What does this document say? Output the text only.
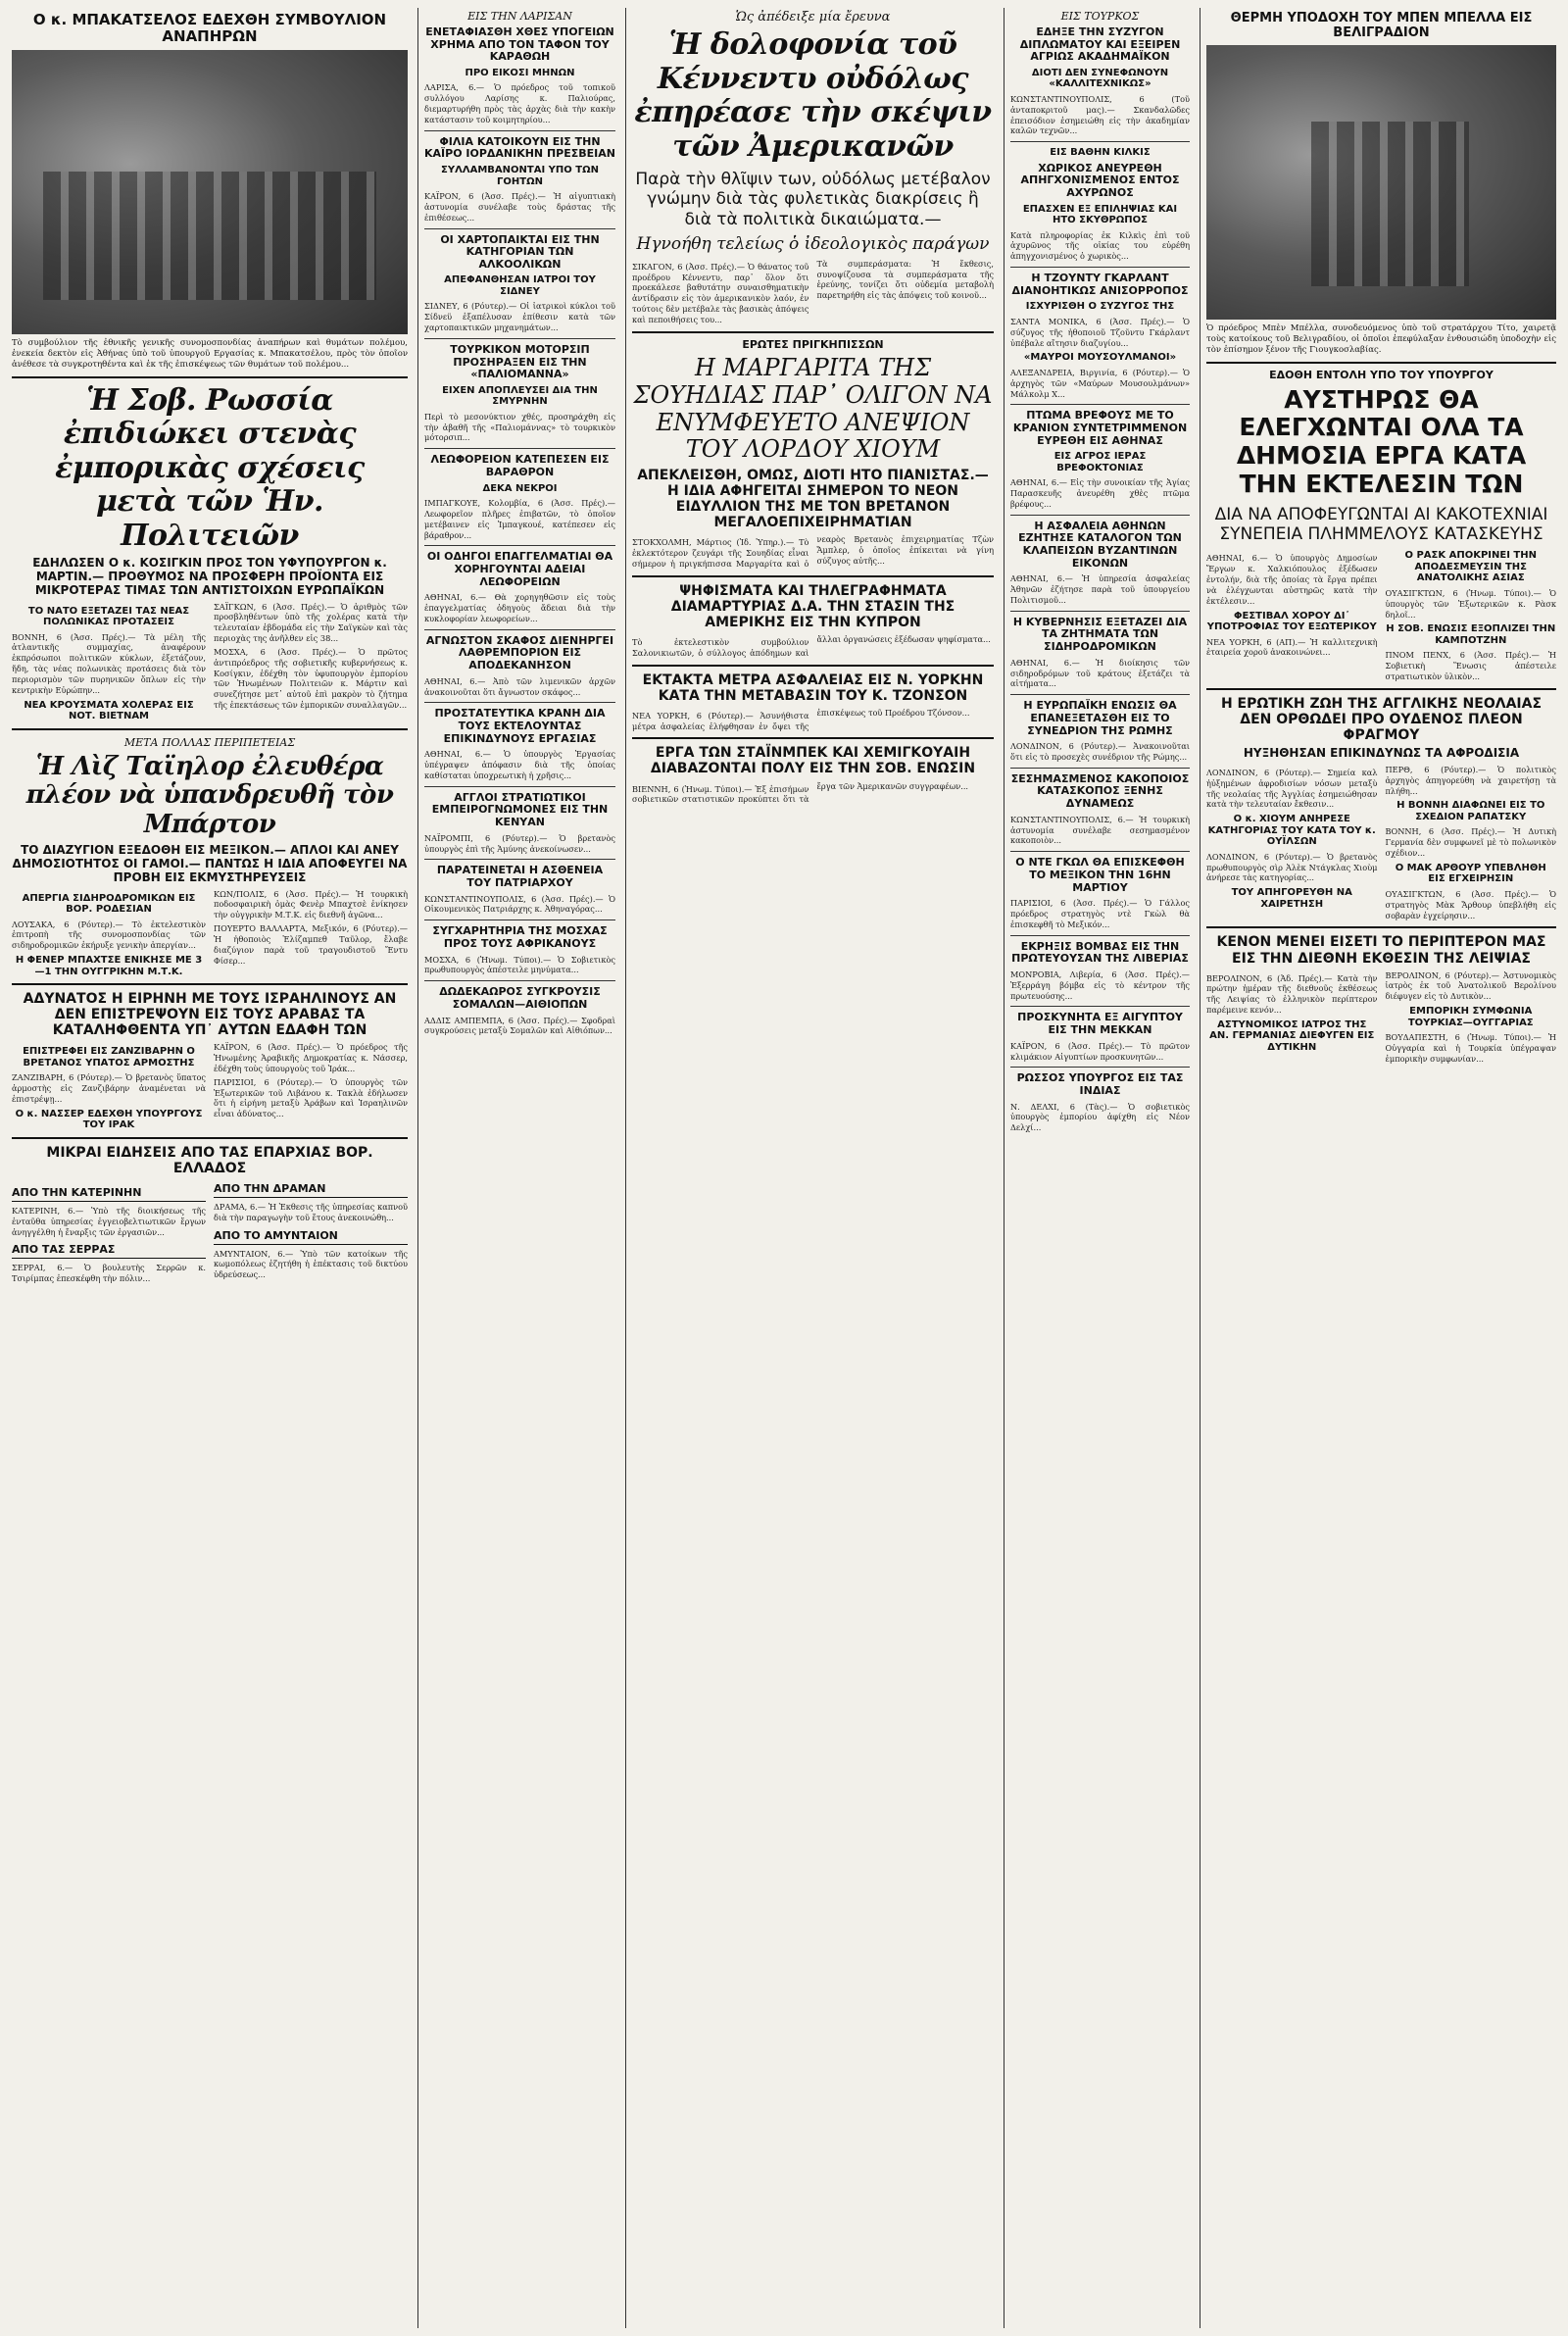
Ο κ. ΜΠΑΚΑΤΣΕΛΟΣ ΕΔΕΧΘΗ ΣΥΜΒΟΥΛΙΟΝ ΑΝΑΠΗΡΩΝ
Τὸ συμβούλιον τῆς ἐθνικῆς γενικῆς συνομοσπονδίας ἀναπήρων καὶ θυμάτων πολέμου, ἐνεκεία δεκτὸν εἰς Ἀθήνας ὑπὸ τοῦ ὑπουργοῦ Εργασίας κ. Μπακατσέλου, πρὸς τὸν ὁποῖον ἀνέθεσε τὰ συγκροτηθέντα καὶ ἐκ τῆς ἐπισκέψεως τῶν θυμάτων τοῦ πολέμου...
Ἡ Σοβ. Ρωσσία ἐπιδιώκει στενὰς ἐμπορικὰς σχέσεις μετὰ τῶν Ἡν. Πολιτειῶν
ΕΔΗΛΩΣΕΝ Ο κ. ΚΟΣΙΓΚΙΝ ΠΡΟΣ ΤΟΝ ΥΦΥΠΟΥΡΓΟΝ κ. ΜΑΡΤΙΝ.— ΠΡΟΘΥΜΟΣ ΝΑ ΠΡΟΣΦΕΡΗ ΠΡΟΪΟΝΤΑ ΕΙΣ ΜΙΚΡΟΤΕΡΑΣ ΤΙΜΑΣ ΤΩΝ ΑΝΤΙΣΤΟΙΧΩΝ ΕΥΡΩΠΑΪΚΩΝ
ΤΟ ΝΑΤΟ ΕΞΕΤΑΖΕΙ ΤΑΣ ΝΕΑΣ ΠΟΛΩΝΙΚΑΣ ΠΡΟΤΑΣΕΙΣ

ΒΟΝΝΗ, 6 (Ἀσσ. Πρές).— Τὰ μέλη τῆς ἀτλαντικῆς συμμαχίας, ἀναφέρουν ἐκπρόσωποι πολιτικῶν κύκλων, ἐξετάζουν, ἤδη, τὰς νέας πολωνικὰς προτάσεις διὰ τὸν περιορισμὸν τῶν πυρηνικῶν ὅπλων εἰς τὴν κεντρικὴν Εὐρώπην...

ΝΕΑ ΚΡΟΥΣΜΑΤΑ ΧΟΛΕΡΑΣ ΕΙΣ ΝΟΤ. ΒΙΕΤΝΑΜ

ΣΑΪΓΚΩΝ, 6 (Ἀσσ. Πρές).— Ὁ ἀριθμὸς τῶν προσβληθέντων ὑπὸ τῆς χολέρας κατὰ τὴν τελευταίαν ἑβδομάδα εἰς τὴν Σαϊγκὼν καὶ τὰς περιοχὰς της ἀνῆλθεν εἰς 38...

ΜΟΣΧΑ, 6 (Ἀσσ. Πρές).— Ὁ πρῶτος ἀντιπρόεδρος τῆς σοβιετικῆς κυβερνήσεως κ. Κοσίγκιν, ἐδέχθη τὸν ὑφυπουργὸν ἐμπορίου τῶν Ἡνωμένων Πολιτειῶν κ. Μάρτιν καὶ συνεζήτησε μετ᾿ αὐτοῦ ἐπὶ μακρὸν τὸ ζήτημα τῆς ἐπεκτάσεως τῶν ἐμπορικῶν συναλλαγῶν...

ΜΕΤΑ ΠΟΛΛΑΣ ΠΕΡΙΠΕΤΕΙΑΣ
Ἡ Λὶζ Ταϊηλορ ἐλευθέρα πλέον νὰ ὑπανδρευθῆ τὸν Μπάρτον
ΤΟ ΔΙΑΖΥΓΙΟΝ ΕΞΕΔΟΘΗ ΕΙΣ ΜΕΞΙΚΟΝ.— ΑΠΛΟΙ ΚΑΙ ΑΝΕΥ ΔΗΜΟΣΙΟΤΗΤΟΣ ΟΙ ΓΑΜΟΙ.— ΠΑΝΤΩΣ Η ΙΔΙΑ ΑΠΟΦΕΥΓΕΙ ΝΑ ΠΡΟΒΗ ΕΙΣ ΕΚΜΥΣΤΗΡΕΥΣΕΙΣ
ΑΠΕΡΓΙΑ ΣΙΔΗΡΟΔΡΟΜΙΚΩΝ ΕΙΣ ΒΟΡ. ΡΟΔΕΣΙΑΝ

ΛΟΥΣΑΚΑ, 6 (Ρόυτερ).— Τὸ ἐκτελεστικὸν ἐπιτροπὴ τῆς συνομοσπονδίας τῶν σιδηροδρομικῶν ἐκήρυξε γενικὴν ἀπεργίαν...

Η ΦΕΝΕΡ ΜΠΑΧΤΣΕ ΕΝΙΚΗΣΕ ΜΕ 3—1 ΤΗΝ ΟΥΓΓΡΙΚΗΝ Μ.Τ.Κ.

ΚΩΝ/ΠΟΛΙΣ, 6 (Ἀσσ. Πρές).— Ἡ τουρκικὴ ποδοσφαιρικὴ ὁμὰς Φενὲρ Μπαχτσὲ ἐνίκησεν τὴν οὐγγρικὴν Μ.Τ.Κ. εἰς διεθνῆ ἀγῶνα...

ΠΟΥΕΡΤΟ ΒΑΛΛΑΡΤΑ, Μεξικόν, 6 (Ρόυτερ).— Ἡ ἠθοποιὸς Ἐλίζαμπεθ Ταῦλορ, ἔλαβε διαζύγιον παρὰ τοῦ τραγουδιστοῦ Ἔντυ Φίσερ...

ΑΔΥΝΑΤΟΣ Η ΕΙΡΗΝΗ ΜΕ ΤΟΥΣ ΙΣΡΑΗΛΙΝΟΥΣ ΑΝ ΔΕΝ ΕΠΙΣΤΡΕΨΟΥΝ ΕΙΣ ΤΟΥΣ ΑΡΑΒΑΣ ΤΑ ΚΑΤΑΛΗΦΘΕΝΤΑ ΥΠ᾿ ΑΥΤΩΝ ΕΔΑΦΗ ΤΩΝ
ΕΠΙΣΤΡΕΦΕΙ ΕΙΣ ΖΑΝΖΙΒΑΡΗΝ Ο ΒΡΕΤΑΝΟΣ ΥΠΑΤΟΣ ΑΡΜΟΣΤΗΣ

ΖΑΝΖΙΒΑΡΗ, 6 (Ρόυτερ).— Ὁ βρετανὸς ὕπατος ἀρμοστὴς εἰς Ζανζιβάρην ἀναμένεται νὰ ἐπιστρέψῃ...

Ο κ. ΝΑΣΣΕΡ ΕΔΕΧΘΗ ΥΠΟΥΡΓΟΥΣ ΤΟΥ ΙΡΑΚ

ΚΑΪΡΟΝ, 6 (Ἀσσ. Πρές).— Ὁ πρόεδρος τῆς Ἠνωμένης Ἀραβικῆς Δημοκρατίας κ. Νάσσερ, ἐδέχθη τοὺς ὑπουργοὺς τοῦ Ἰράκ...

ΠΑΡΙΣΙΟΙ, 6 (Ρόυτερ).— Ὁ ὑπουργὸς τῶν Ἐξωτερικῶν τοῦ Λιβάνου κ. Τακλὰ ἐδήλωσεν ὅτι ἡ εἰρήνη μεταξὺ Ἀράβων καὶ Ἰσραηλινῶν εἶναι ἀδύνατος...

ΜΙΚΡΑΙ ΕΙΔΗΣΕΙΣ ΑΠΟ ΤΑΣ ΕΠΑΡΧΙΑΣ ΒΟΡ. ΕΛΛΑΔΟΣ
ΑΠΟ ΤΗΝ ΚΑΤΕΡΙΝΗΝ

ΚΑΤΕΡΙΝΗ, 6.— Ὑπὸ τῆς διοικήσεως τῆς ἐνταῦθα ὑπηρεσίας ἐγγειοβελτιωτικῶν ἔργων ἀνηγγέλθη ἡ ἔναρξις τῶν ἐργασιῶν...

ΑΠΟ ΤΑΣ ΣΕΡΡΑΣ

ΣΕΡΡΑΙ, 6.— Ὁ βουλευτὴς Σερρῶν κ. Τσιρίμπας ἐπεσκέφθη τὴν πόλιν...

ΑΠΟ ΤΗΝ ΔΡΑΜΑΝ

ΔΡΑΜΑ, 6.— Ἡ Ἐκθεσις τῆς ὑπηρεσίας καπνοῦ διὰ τὴν παραγωγὴν τοῦ ἔτους ἀνεκοινώθη...

ΑΠΟ ΤΟ ΑΜΥΝΤΑΙΟΝ

ΑΜΥΝΤΑΙΟΝ, 6.— Ὑπὸ τῶν κατοίκων τῆς κωμοπόλεως ἐζητήθη ἡ ἐπέκτασις τοῦ δικτύου ὑδρεύσεως...

ΕΙΣ ΤΗΝ ΛΑΡΙΣΑΝ
ΕΝΕΤΑΦΙΑΣΘΗ ΧΘΕΣ ΥΠΟΓΕΙΩΝ ΧΡΗΜΑ ΑΠΟ ΤΟΝ ΤΑΦΟΝ ΤΟΥ ΚΑΡΑΘΩΗ
ΠΡΟ ΕΙΚΟΣΙ ΜΗΝΩΝ

ΛΑΡΙΣΑ, 6.— Ὁ πρόεδρος τοῦ τοπικοῦ συλλόγου Λαρίσης κ. Παλιούρας, διεμαρτυρήθη πρὸς τὰς ἀρχὰς διὰ τὴν κακὴν κατάστασιν τοῦ κοιμητηρίου...

ΦΙΛΙΑ ΚΑΤΟΙΚΟΥΝ ΕΙΣ ΤΗΝ ΚΑΪΡΟ ΙΟΡΔΑΝΙΚΗΝ ΠΡΕΣΒΕΙΑΝ
ΣΥΛΛΑΜΒΑΝΟΝΤΑΙ ΥΠΟ ΤΩΝ ΓΟΗΤΩΝ

ΚΑΪΡΟΝ, 6 (Ἀσσ. Πρές).— Ἡ αἰγυπτιακὴ ἀστυνομία συνέλαβε τοὺς δράστας τῆς ἐπιθέσεως...

ΟΙ ΧΑΡΤΟΠΑΙΚΤΑΙ ΕΙΣ ΤΗΝ ΚΑΤΗΓΟΡΙΑΝ ΤΩΝ ΑΛΚΟΟΛΙΚΩΝ
ΑΠΕΦΑΝΘΗΣΑΝ ΙΑΤΡΟΙ ΤΟΥ ΣΙΔΝΕΥ

ΣΙΔΝΕΥ, 6 (Ρόυτερ).— Οἱ ἰατρικοὶ κύκλοι τοῦ Σίδνεϋ ἐξαπέλυσαν ἐπίθεσιν κατὰ τῶν χαρτοπαικτικῶν μηχανημάτων...

ΤΟΥΡΚΙΚΟΝ ΜΟΤΟΡΣΙΠ ΠΡΟΣΗΡΑΞΕΝ ΕΙΣ ΤΗΝ «ΠΑΛΙΟΜΑΝΝΑ»
ΕΙΧΕΝ ΑΠΟΠΛΕΥΣΕΙ ΔΙΑ ΤΗΝ ΣΜΥΡΝΗΝ

Περὶ τὸ μεσονύκτιον χθές, προσηράχθη εἰς τὴν ἀβαθῆ τῆς «Παλιομάννας» τὸ τουρκικὸν μότορσιπ...

ΛΕΩΦΟΡΕΙΟΝ ΚΑΤΕΠΕΣΕΝ ΕΙΣ ΒΑΡΑΘΡΟΝ
ΔΕΚΑ ΝΕΚΡΟΙ

ΙΜΠΑΓΚΟΥΕ, Κολομβία, 6 (Ἀσσ. Πρές).— Λεωφορεῖον πλῆρες ἐπιβατῶν, τὸ ὁποῖον μετέβαινεν εἰς Ἰμπαγκουέ, κατέπεσεν εἰς βάραθρον...

ΟΙ ΟΔΗΓΟΙ ΕΠΑΓΓΕΛΜΑΤΙΑΙ ΘΑ ΧΟΡΗΓΟΥΝΤΑΙ ΑΔΕΙΑΙ ΛΕΩΦΟΡΕΙΩΝ

ΑΘΗΝΑΙ, 6.— Θὰ χορηγηθῶσιν εἰς τοὺς ἐπαγγελματίας ὁδηγοὺς ἄδειαι διὰ τὴν κυκλοφορίαν λεωφορείων...

ΑΓΝΩΣΤΟΝ ΣΚΑΦΟΣ ΔΙΕΝΗΡΓΕΙ ΛΑΘΡΕΜΠΟΡΙΟΝ ΕΙΣ ΑΠΟΔΕΚΑΝΗΣΟΝ

ΑΘΗΝΑΙ, 6.— Ἀπὸ τῶν λιμενικῶν ἀρχῶν ἀνακοινοῦται ὅτι ἄγνωστον σκάφος...

ΠΡΟΣΤΑΤΕΥΤΙΚΑ ΚΡΑΝΗ ΔΙΑ ΤΟΥΣ ΕΚΤΕΛΟΥΝΤΑΣ ΕΠΙΚΙΝΔΥΝΟΥΣ ΕΡΓΑΣΙΑΣ

ΑΘΗΝΑΙ, 6.— Ὁ ὑπουργὸς Ἐργασίας ὑπέγραψεν ἀπόφασιν διὰ τῆς ὁποίας καθίσταται ὑποχρεωτικὴ ἡ χρῆσις...

ΑΓΓΛΟΙ ΣΤΡΑΤΙΩΤΙΚΟΙ ΕΜΠΕΙΡΟΓΝΩΜΟΝΕΣ ΕΙΣ ΤΗΝ ΚΕΝΥΑΝ

ΝΑΪΡΟΜΠΙ, 6 (Ρόυτερ).— Ὁ βρετανὸς ὑπουργὸς ἐπὶ τῆς Ἀμύνης ἀνεκοίνωσεν...

ΠΑΡΑΤΕΙΝΕΤΑΙ Η ΑΣΘΕΝΕΙΑ ΤΟΥ ΠΑΤΡΙΑΡΧΟΥ

ΚΩΝΣΤΑΝΤΙΝΟΥΠΟΛΙΣ, 6 (Ἀσσ. Πρές).— Ὁ Οἰκουμενικὸς Πατριάρχης κ. Ἀθηναγόρας...

ΣΥΓΧΑΡΗΤΗΡΙΑ ΤΗΣ ΜΟΣΧΑΣ ΠΡΟΣ ΤΟΥΣ ΑΦΡΙΚΑΝΟΥΣ

ΜΟΣΧΑ, 6 (Ἠνωμ. Τύποι).— Ὁ Σοβιετικὸς πρωθυπουργὸς ἀπέστειλε μηνύματα...

ΔΩΔΕΚΑΩΡΟΣ ΣΥΓΚΡΟΥΣΙΣ ΣΟΜΑΛΩΝ—ΑΙΘΙΟΠΩΝ

ΑΔΔΙΣ ΑΜΠΕΜΠΑ, 6 (Ἀσσ. Πρές).— Σφοδραὶ συγκρούσεις μεταξὺ Σομαλῶν καὶ Αἰθιόπων...

Ὡς ἀπέδειξε μία ἔρευνα
Ἡ δολοφονία τοῦ Κέννεντυ οὐδόλως ἐπηρέασε τὴν σκέψιν τῶν Ἀμερικανῶν
Παρὰ τὴν θλῖψιν των, οὐδόλως μετέβαλον γνώμην διὰ τὰς φυλετικὰς διακρίσεις ἢ διὰ τὰ πολιτικὰ δικαιώματα.—
Ηγνοήθη τελείως ὁ ἰδεολογικὸς παράγων

ΣΙΚΑΓΟΝ, 6 (Ἀσσ. Πρές).— Ὁ θάνατος τοῦ προέδρου Κέννεντυ, παρ᾿ ὅλον ὅτι προεκάλεσε βαθυτάτην συναισθηματικὴν ἀντίδρασιν εἰς τὸν ἀμερικανικὸν λαόν, ἐν τούτοις δὲν μετέβαλε τὰς βασικὰς ἀπόψεις καὶ πεποιθήσεις του...

Τὰ συμπεράσματα: Ἡ ἔκθεσις, συνοψίζουσα τὰ συμπεράσματα τῆς ἐρεύνης, τονίζει ὅτι οὐδεμία μεταβολὴ παρετηρήθη εἰς τὰς ἀπόψεις τοῦ κοινοῦ...

ΕΡΩΤΕΣ ΠΡΙΓΚΗΠΙΣΣΩΝ
Η ΜΑΡΓΑΡΙΤΑ ΤΗΣ ΣΟΥΗΔΙΑΣ ΠΑΡ᾿ ΟΛΙΓΟΝ ΝΑ ΕΝΥΜΦΕΥΕΤΟ ΑΝΕΨΙΟΝ ΤΟΥ ΛΟΡΔΟΥ ΧΙΟΥΜ
ΑΠΕΚΛΕΙΣΘΗ, ΟΜΩΣ, ΔΙΟΤΙ ΗΤΟ ΠΙΑΝΙΣΤΑΣ.— Η ΙΔΙΑ ΑΦΗΓΕΙΤΑΙ ΣΗΜΕΡΟΝ ΤΟ ΝΕΟΝ ΕΙΔΥΛΛΙΟΝ ΤΗΣ ΜΕ ΤΟΝ ΒΡΕΤΑΝΟΝ ΜΕΓΑΛΟΕΠΙΧΕΙΡΗΜΑΤΙΑΝ

ΣΤΟΚΧΟΛΜΗ, Μάρτιος (Ἰδ. Ὑπηρ.).— Τὸ ἐκλεκτότερον ζευγάρι τῆς Σουηδίας εἶναι σήμερον ἡ πριγκήπισσα Μαργαρίτα καὶ ὁ νεαρὸς Βρετανὸς ἐπιχειρηματίας Τζὼν Ἄμπλερ, ὁ ὁποῖος ἐπίκειται νὰ γίνη σύζυγος αὐτῆς...

ΨΗΦΙΣΜΑΤΑ ΚΑΙ ΤΗΛΕΓΡΑΦΗΜΑΤΑ ΔΙΑΜΑΡΤΥΡΙΑΣ Δ.Α. ΤΗΝ ΣΤΑΣΙΝ ΤΗΣ ΑΜΕΡΙΚΗΣ ΕΙΣ ΤΗΝ ΚΥΠΡΟΝ

Τὸ ἐκτελεστικὸν συμβούλιον Σαλονικιωτῶν, ὁ σύλλογος ἀπόδημων καὶ ἄλλαι ὀργανώσεις ἐξέδωσαν ψηφίσματα...

ΕΚΤΑΚΤΑ ΜΕΤΡΑ ΑΣΦΑΛΕΙΑΣ ΕΙΣ Ν. ΥΟΡΚΗΝ ΚΑΤΑ ΤΗΝ ΜΕΤΑΒΑΣΙΝ ΤΟΥ Κ. ΤΖΟΝΣΟΝ

ΝΕΑ ΥΟΡΚΗ, 6 (Ρόυτερ).— Ἀσυνήθιστα μέτρα ἀσφαλείας ἐλήφθησαν ἐν ὄψει τῆς ἐπισκέψεως τοῦ Προέδρου Τζόνσον...

ΕΡΓΑ ΤΩΝ ΣΤΑΪΝΜΠΕΚ ΚΑΙ ΧΕΜΙΓΚΟΥΑΙΗ ΔΙΑΒΑΖΟΝΤΑΙ ΠΟΛΥ ΕΙΣ ΤΗΝ ΣΟΒ. ΕΝΩΣΙΝ

ΒΙΕΝΝΗ, 6 (Ἠνωμ. Τύποι).— Ἐξ ἐπισήμων σοβιετικῶν στατιστικῶν προκύπτει ὅτι τὰ ἔργα τῶν Ἀμερικανῶν συγγραφέων...

ΕΙΣ ΤΟΥΡΚΟΣ
ΕΔΗΞΕ ΤΗΝ ΣΥΖΥΓΟΝ ΔΙΠΛΩΜΑΤΟΥ ΚΑΙ ΕΞΕΙΡΕΝ ΑΓΡΙΩΣ ΑΚΑΔΗΜΑΪΚΟΝ
ΔΙΟΤΙ ΔΕΝ ΣΥΝΕΦΩΝΟΥΝ «ΚΑΛΛΙΤΕΧΝΙΚΩΣ»

ΚΩΝΣΤΑΝΤΙΝΟΥΠΟΛΙΣ, 6 (Τοῦ ἀνταποκριτοῦ μας).— Σκανδαλῶδες ἐπεισόδιον ἐσημειώθη εἰς τὴν ἀκαδημίαν καλῶν τεχνῶν...

ΕΙΣ ΒΑΘΗΝ ΚΙΛΚΙΣ
ΧΩΡΙΚΟΣ ΑΝΕΥΡΕΘΗ ΑΠΗΓΧΟΝΙΣΜΕΝΟΣ ΕΝΤΟΣ ΑΧΥΡΩΝΟΣ
ΕΠΑΣΧΕΝ ΕΞ ΕΠΙΛΗΨΙΑΣ ΚΑΙ ΗΤΟ ΣΚΥΘΡΩΠΟΣ

Κατὰ πληροφορίας ἐκ Κιλκὶς ἐπὶ τοῦ ἀχυρῶνος τῆς οἰκίας του εὑρέθη ἀπηγχονισμένος ὁ χωρικὸς...

Η ΤΖΟΥΝΤΥ ΓΚΑΡΛΑΝΤ ΔΙΑΝΟΗΤΙΚΩΣ ΑΝΙΣΟΡΡΟΠΟΣ
ΙΣΧΥΡΙΣΘΗ Ο ΣΥΖΥΓΟΣ ΤΗΣ

ΣΑΝΤΑ ΜΟΝΙΚΑ, 6 (Ἀσσ. Πρές).— Ὁ σύζυγος τῆς ἠθοποιοῦ Τζοῦντυ Γκάρλαντ ὑπέβαλε αἴτησιν διαζυγίου...

«ΜΑΥΡΟΙ ΜΟΥΣΟΥΛΜΑΝΟΙ»

ΑΛΕΞΑΝΔΡΕΙΑ, Βιργινία, 6 (Ρόυτερ).— Ὁ ἀρχηγὸς τῶν «Μαύρων Μουσουλμάνων» Μάλκολμ Χ...

ΠΤΩΜΑ ΒΡΕΦΟΥΣ ΜΕ ΤΟ ΚΡΑΝΙΟΝ ΣΥΝΤΕΤΡΙΜΜΕΝΟΝ ΕΥΡΕΘΗ ΕΙΣ ΑΘΗΝΑΣ
ΕΙΣ ΑΓΡΟΣ ΙΕΡΑΣ ΒΡΕΦΟΚΤΟΝΙΑΣ

ΑΘΗΝΑΙ, 6.— Εἰς τὴν συνοικίαν τῆς Ἀγίας Παρασκευῆς ἀνευρέθη χθὲς πτῶμα βρέφους...

Η ΑΣΦΑΛΕΙΑ ΑΘΗΝΩΝ ΕΖΗΤΗΣΕ ΚΑΤΑΛΟΓΟΝ ΤΩΝ ΚΛΑΠΕΙΣΩΝ ΒΥΖΑΝΤΙΝΩΝ ΕΙΚΟΝΩΝ

ΑΘΗΝΑΙ, 6.— Ἡ ὑπηρεσία ἀσφαλείας Ἀθηνῶν ἐζήτησε παρὰ τοῦ ὑπουργείου Πολιτισμοῦ...

Η ΚΥΒΕΡΝΗΣΙΣ ΕΞΕΤΑΖΕΙ ΔΙΑ ΤΑ ΖΗΤΗΜΑΤΑ ΤΩΝ ΣΙΔΗΡΟΔΡΟΜΙΚΩΝ

ΑΘΗΝΑΙ, 6.— Ἡ διοίκησις τῶν σιδηροδρόμων τοῦ κράτους ἐξετάζει τὰ αἰτήματα...

Η ΕΥΡΩΠΑΪΚΗ ΕΝΩΣΙΣ ΘΑ ΕΠΑΝΕΞΕΤΑΣΘΗ ΕΙΣ ΤΟ ΣΥΝΕΔΡΙΟΝ ΤΗΣ ΡΩΜΗΣ

ΛΟΝΔΙΝΟΝ, 6 (Ρόυτερ).— Ἀνακοινοῦται ὅτι εἰς τὸ προσεχὲς συνέδριον τῆς Ρώμης...

ΣΕΣΗΜΑΣΜΕΝΟΣ ΚΑΚΟΠΟΙΟΣ ΚΑΤΑΣΚΟΠΟΣ ΞΕΝΗΣ ΔΥΝΑΜΕΩΣ

ΚΩΝΣΤΑΝΤΙΝΟΥΠΟΛΙΣ, 6.— Ἡ τουρκικὴ ἀστυνομία συνέλαβε σεσημασμένον κακοποιὸν...

Ο ΝΤΕ ΓΚΩΛ ΘΑ ΕΠΙΣΚΕΦΘΗ ΤΟ ΜΕΞΙΚΟΝ ΤΗΝ 16ΗΝ ΜΑΡΤΙΟΥ

ΠΑΡΙΣΙΟΙ, 6 (Ἀσσ. Πρές).— Ὁ Γάλλος πρόεδρος στρατηγὸς ντὲ Γκὼλ θὰ ἐπισκεφθῆ τὸ Μεξικόν...

ΕΚΡΗΞΙΣ ΒΟΜΒΑΣ ΕΙΣ ΤΗΝ ΠΡΩΤΕΥΟΥΣΑΝ ΤΗΣ ΛΙΒΕΡΙΑΣ

ΜΟΝΡΟΒΙΑ, Λιβερία, 6 (Ἀσσ. Πρές).— Ἐξερράγη βόμβα εἰς τὸ κέντρον τῆς πρωτευούσης...

ΠΡΟΣΚΥΝΗΤΑ ΕΞ ΑΙΓΥΠΤΟΥ ΕΙΣ ΤΗΝ ΜΕΚΚΑΝ

ΚΑΪΡΟΝ, 6 (Ἀσσ. Πρές).— Τὸ πρῶτον κλιμάκιον Αἰγυπτίων προσκυνητῶν...

ΡΩΣΣΟΣ ΥΠΟΥΡΓΟΣ ΕΙΣ ΤΑΣ ΙΝΔΙΑΣ

Ν. ΔΕΛΧΙ, 6 (Τὰς).— Ὁ σοβιετικὸς ὑπουργὸς ἐμπορίου ἀφίχθη εἰς Νέον Δελχί...

ΘΕΡΜΗ ΥΠΟΔΟΧΗ ΤΟΥ ΜΠΕΝ ΜΠΕΛΛΑ ΕΙΣ ΒΕΛΙΓΡΑΔΙΟΝ
Ὁ πρόεδρος Μπὲν Μπέλλα, συνοδευόμενος ὑπὸ τοῦ στρατάρχου Τίτο, χαιρετᾷ τοὺς κατοίκους τοῦ Βελιγραδίου, οἱ ὁποῖοι ἐπεφύλαξαν ἐνθουσιώδη ὑποδοχὴν εἰς τὸν ἐπίσημον ξένον τῆς Γιουγκοσλαβίας.
ΕΔΟΘΗ ΕΝΤΟΛΗ ΥΠΟ ΤΟΥ ΥΠΟΥΡΓΟΥ
ΑΥΣΤΗΡΩΣ ΘΑ ΕΛΕΓΧΩΝΤΑΙ ΟΛΑ ΤΑ ΔΗΜΟΣΙΑ ΕΡΓΑ ΚΑΤΑ ΤΗΝ ΕΚΤΕΛΕΣΙΝ ΤΩΝ
ΔΙΑ ΝΑ ΑΠΟΦΕΥΓΩΝΤΑΙ ΑΙ ΚΑΚΟΤΕΧΝΙΑΙ ΣΥΝΕΠΕΙΑ ΠΛΗΜΜΕΛΟΥΣ ΚΑΤΑΣΚΕΥΗΣ

ΑΘΗΝΑΙ, 6.— Ὁ ὑπουργὸς Δημοσίων Ἔργων κ. Χαλκιόπουλος ἐξέδωσεν ἐντολήν, διὰ τῆς ὁποίας τὰ ἔργα πρέπει νὰ ἐλέγχωνται αὐστηρῶς κατὰ τὴν ἐκτέλεσιν...

ΦΕΣΤΙΒΑΛ ΧΟΡΟΥ ΔΙ᾿ ΥΠΟΤΡΟΦΙΑΣ ΤΟΥ ΕΞΩΤΕΡΙΚΟΥ

ΝΕΑ ΥΟΡΚΗ, 6 (ΑΠ).— Ἡ καλλιτεχνικὴ ἑταιρεία χοροῦ ἀνακοινώνει...

Ο ΡΑΣΚ ΑΠΟΚΡΙΝΕΙ ΤΗΝ ΑΠΟΔΕΣΜΕΥΣΙΝ ΤΗΣ ΑΝΑΤΟΛΙΚΗΣ ΑΣΙΑΣ

ΟΥΑΣΙΓΚΤΩΝ, 6 (Ἠνωμ. Τύποι).— Ὁ ὑπουργὸς τῶν Ἐξωτερικῶν κ. Ρὰσκ δηλοῖ...

Η ΣΟΒ. ΕΝΩΣΙΣ ΕΞΟΠΛΙΖΕΙ ΤΗΝ ΚΑΜΠΟΤΖΗΝ

ΠΝΟΜ ΠΕΝΧ, 6 (Ἀσσ. Πρές).— Ἡ Σοβιετικὴ Ἕνωσις ἀπέστειλε στρατιωτικὸν ὑλικὸν...

Η ΕΡΩΤΙΚΗ ΖΩΗ ΤΗΣ ΑΓΓΛΙΚΗΣ ΝΕΟΛΑΙΑΣ ΔΕΝ ΟΡΘΩΔΕΙ ΠΡΟ ΟΥΔΕΝΟΣ ΠΛΕΟΝ ΦΡΑΓΜΟΥ
ΗΥΞΗΘΗΣΑΝ ΕΠΙΚΙΝΔΥΝΩΣ ΤΑ ΑΦΡΟΔΙΣΙΑ

ΛΟΝΔΙΝΟΝ, 6 (Ρόυτερ).— Σημεία καλ ἠὐξημένων ἀφροδισίων νόσων μεταξὺ τῆς νεολαίας τῆς Ἀγγλίας ἐσημειώθησαν κατὰ τὴν τελευταίαν ἔκθεσιν...

Ο κ. ΧΙΟΥΜ ΑΝΗΡΕΣΕ ΚΑΤΗΓΟΡΙΑΣ ΤΟΥ ΚΑΤΑ ΤΟΥ κ. ΟΥΪΛΣΩΝ

ΛΟΝΔΙΝΟΝ, 6 (Ρόυτερ).— Ὁ βρετανὸς πρωθυπουργὸς σὶρ Ἀλὲκ Ντάγκλας Χιοὺμ ἀνήρεσε τὰς κατηγορίας...

ΤΟΥ ΑΠΗΓΟΡΕΥΘΗ ΝΑ ΧΑΙΡΕΤΗΣΗ

ΠΕΡΘ, 6 (Ρόυτερ).— Ὁ πολιτικὸς ἀρχηγὸς ἀπηγορεύθη νὰ χαιρετήσῃ τὰ πλήθη...

Η ΒΟΝΝΗ ΔΙΑΦΩΝΕΙ ΕΙΣ ΤΟ ΣΧΕΔΙΟΝ ΡΑΠΑΤΣΚΥ

ΒΟΝΝΗ, 6 (Ἀσσ. Πρές).— Ἡ Δυτικὴ Γερμανία δὲν συμφωνεῖ μὲ τὸ πολωνικὸν σχέδιον...

Ο ΜΑΚ ΑΡΘΟΥΡ ΥΠΕΒΛΗΘΗ ΕΙΣ ΕΓΧΕΙΡΗΣΙΝ

ΟΥΑΣΙΓΚΤΩΝ, 6 (Ἀσσ. Πρές).— Ὁ στρατηγὸς Μὰκ Ἄρθουρ ὑπεβλήθη εἰς σοβαρὰν ἐγχείρησιν...

ΚΕΝΟΝ ΜΕΝΕΙ ΕΙΣΕΤΙ ΤΟ ΠΕΡΙΠΤΕΡΟΝ ΜΑΣ ΕΙΣ ΤΗΝ ΔΙΕΘΝΗ ΕΚΘΕΣΙΝ ΤΗΣ ΛΕΙΨΙΑΣ

ΒΕΡΟΛΙΝΟΝ, 6 (Ἀδ. Πρές).— Κατὰ τὴν πρώτην ἡμέραν τῆς διεθνοῦς ἐκθέσεως τῆς Λειψίας τὸ ἑλληνικὸν περίπτερον παρέμεινε κενόν...

ΑΣΤΥΝΟΜΙΚΟΣ ΙΑΤΡΟΣ ΤΗΣ ΑΝ. ΓΕΡΜΑΝΙΑΣ ΔΙΕΦΥΓΕΝ ΕΙΣ ΔΥΤΙΚΗΝ

ΒΕΡΟΛΙΝΟΝ, 6 (Ρόυτερ).— Ἀστυνομικὸς ἰατρὸς ἐκ τοῦ Ἀνατολικοῦ Βερολίνου διέφυγεν εἰς τὸ Δυτικὸν...

ΕΜΠΟΡΙΚΗ ΣΥΜΦΩΝΙΑ ΤΟΥΡΚΙΑΣ—ΟΥΓΓΑΡΙΑΣ

ΒΟΥΔΑΠΕΣΤΗ, 6 (Ἠνωμ. Τύποι).— Ἡ Οὐγγαρία καὶ ἡ Τουρκία ὑπέγραψαν ἐμπορικὴν συμφωνίαν...
